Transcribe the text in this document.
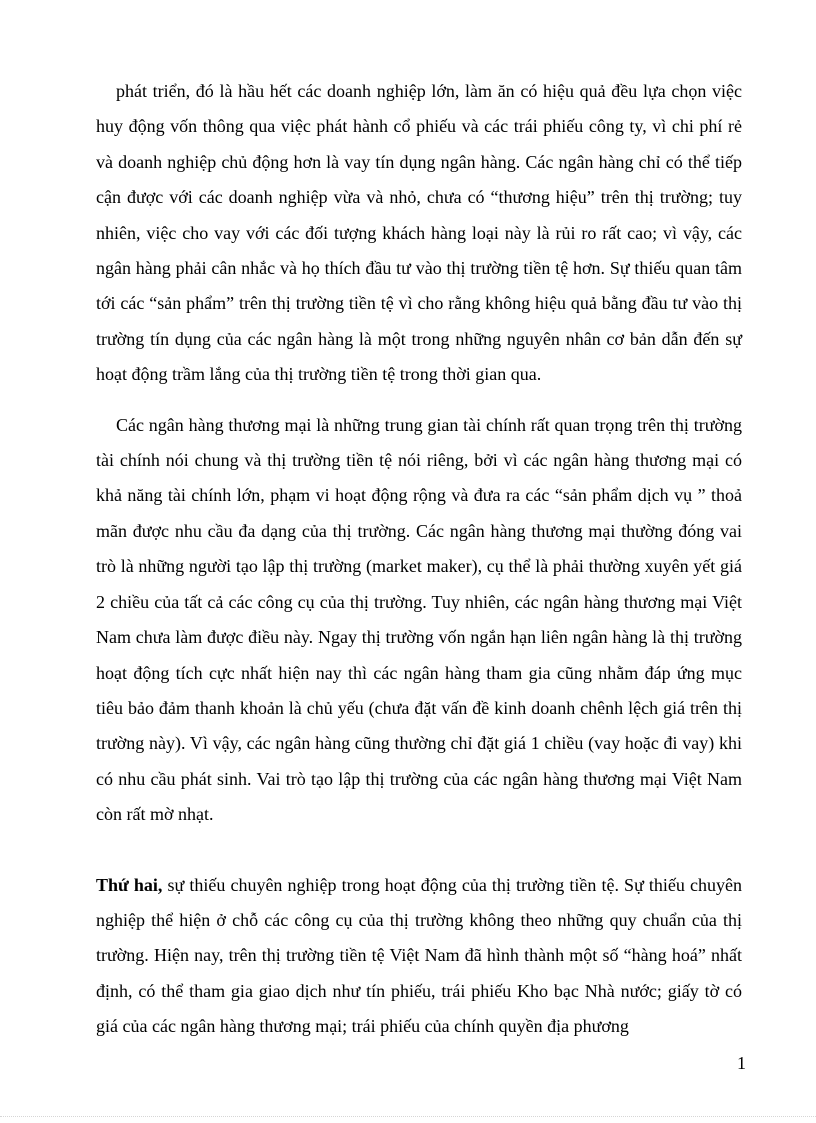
phát triển, đó là hầu hết các doanh nghiệp lớn, làm ăn có hiệu quả đều lựa chọn việc huy động vốn thông qua việc phát hành cổ phiếu và các trái phiếu công ty, vì chi phí rẻ và doanh nghiệp chủ động hơn là vay tín dụng ngân hàng. Các ngân hàng chỉ có thể tiếp cận được với các doanh nghiệp vừa và nhỏ, chưa có “thương hiệu” trên thị trường; tuy nhiên, việc cho vay với các đối tượng khách hàng loại này là rủi ro rất cao; vì vậy, các ngân hàng phải cân nhắc và họ thích đầu tư vào thị trường tiền tệ hơn. Sự thiếu quan tâm tới các “sản phẩm” trên thị trường tiền tệ vì cho rằng không hiệu quả bằng đầu tư vào thị trường tín dụng của các ngân hàng là một trong những nguyên nhân cơ bản dẫn đến sự hoạt động trầm lắng của thị trường tiền tệ trong thời gian qua.

Các ngân hàng thương mại là những trung gian tài chính rất quan trọng trên thị trường tài chính nói chung và thị trường tiền tệ nói riêng, bởi vì các ngân hàng thương mại có khả năng tài chính lớn, phạm vi hoạt động rộng và đưa ra các “sản phẩm dịch vụ ” thoả mãn được nhu cầu đa dạng của thị trường. Các ngân hàng thương mại thường đóng vai trò là những người tạo lập thị trường (market maker), cụ thể là phải thường xuyên yết giá 2 chiều của tất cả các công cụ của thị trường. Tuy nhiên, các ngân hàng thương mại Việt Nam chưa làm được điều này. Ngay thị trường vốn ngắn hạn liên ngân hàng là thị trường hoạt động tích cực nhất hiện nay thì các ngân hàng tham gia cũng nhằm đáp ứng mục tiêu bảo đảm thanh khoản là chủ yếu (chưa đặt vấn đề kinh doanh chênh lệch giá trên thị trường này). Vì vậy, các ngân hàng cũng thường chỉ đặt giá 1 chiều (vay hoặc đi vay) khi có nhu cầu phát sinh. Vai trò tạo lập thị trường của các ngân hàng thương mại Việt Nam còn rất mờ nhạt.

Thứ hai, sự thiếu chuyên nghiệp trong hoạt động của thị trường tiền tệ. Sự thiếu chuyên nghiệp thể hiện ở chỗ các công cụ của thị trường không theo những quy chuẩn của thị trường. Hiện nay, trên thị trường tiền tệ Việt Nam đã hình thành một số “hàng hoá” nhất định, có thể tham gia giao dịch như tín phiếu, trái phiếu Kho bạc Nhà nước; giấy tờ có giá của các ngân hàng thương mại; trái phiếu của chính quyền địa phương

1
